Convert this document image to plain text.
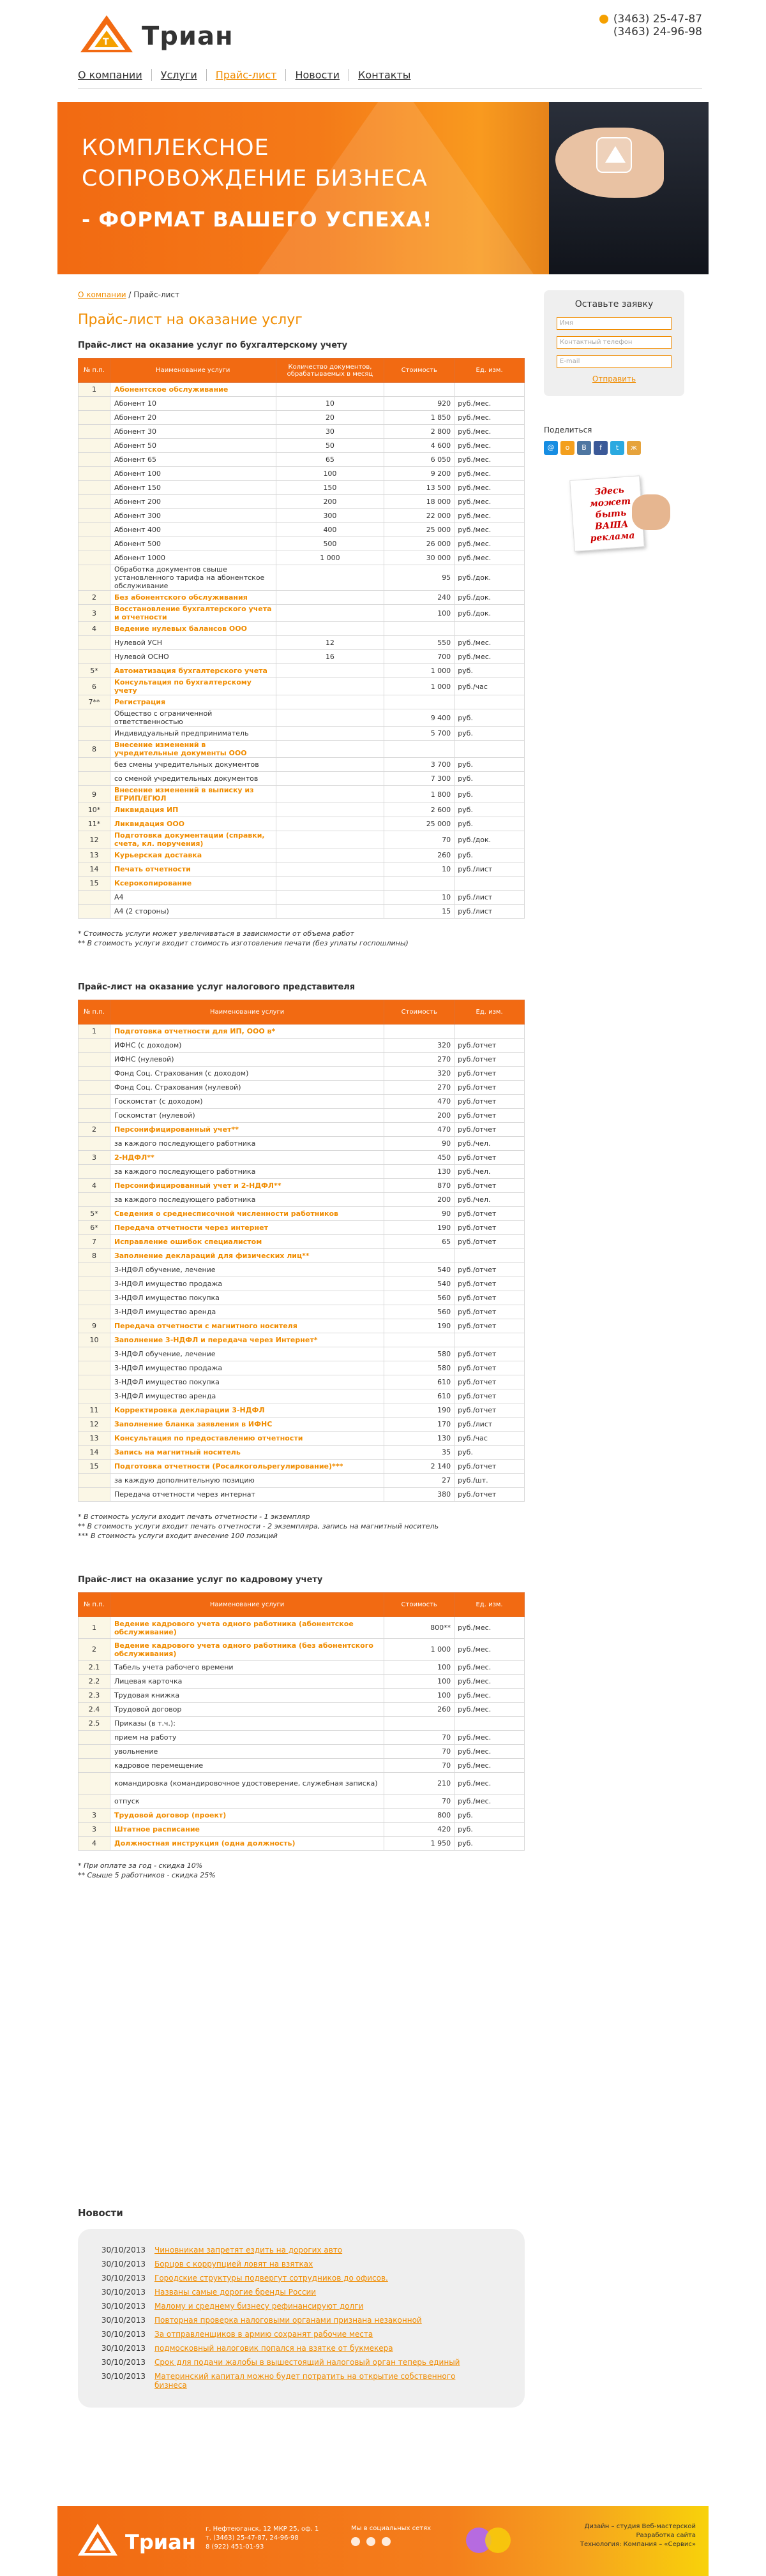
Т Триан
(3463) 25-47-87
(3463) 24-96-98
О компании	Услуги	Прайс-лист	Новости	Контакты
КОМПЛЕКСНОЕ
СОПРОВОЖДЕНИЕ БИЗНЕСА
- ФОРМАТ ВАШЕГО УСПЕХА!
О компании / Прайс-лист
Прайс-лист на оказание услуг
Прайс-лист на оказание услуг по бухгалтерскому учету
№ п.п.	Наименование услуги	Количество документов, обрабатываемых в месяц	Стоимость	Ед. изм.
1	Абонентское обслуживание			
	Абонент 10	10	920	руб./мес.
	Абонент 20	20	1 850	руб./мес.
	Абонент 30	30	2 800	руб./мес.
	Абонент 50	50	4 600	руб./мес.
	Абонент 65	65	6 050	руб./мес.
	Абонент 100	100	9 200	руб./мес.
	Абонент 150	150	13 500	руб./мес.
	Абонент 200	200	18 000	руб./мес.
	Абонент 300	300	22 000	руб./мес.
	Абонент 400	400	25 000	руб./мес.
	Абонент 500	500	26 000	руб./мес.
	Абонент 1000	1 000	30 000	руб./мес.
	Обработка документов свыше установленного тарифа на абонентское обслуживание		95	руб./док.
2	Без абонентского обслуживания		240	руб./док.
3	Восстановление бухгалтерского учета и отчетности		100	руб./док.
4	Ведение нулевых балансов ООО			
	Нулевой УСН	12	550	руб./мес.
	Нулевой ОСНО	16	700	руб./мес.
5*	Автоматизация бухгалтерского учета		1 000	руб.
6	Консультация по бухгалтерскому учету		1 000	руб./час
7**	Регистрация			
	Общество с ограниченной ответственностью		9 400	руб.
	Индивидуальный предприниматель		5 700	руб.
8	Внесение изменений в учредительные документы ООО			
	без смены учредительных документов		3 700	руб.
	со сменой учредительных документов		7 300	руб.
9	Внесение изменений в выписку из ЕГРИП/ЕГЮЛ		1 800	руб.
10*	Ликвидация ИП		2 600	руб.
11*	Ликвидация ООО		25 000	руб.
12	Подготовка документации (справки, счета, кл. поручения)		70	руб./док.
13	Курьерская доставка		260	руб.
14	Печать отчетности		10	руб./лист
15	Ксерокопирование			
	А4		10	руб./лист
	А4 (2 стороны)		15	руб./лист
* Стоимость услуги может увеличиваться в зависимости от объема работ
** В стоимость услуги входит стоимость изготовления печати (без уплаты госпошлины)
Прайс-лист на оказание услуг налогового представителя
№ п.п.	Наименование услуги	Стоимость	Ед. изм.
1	Подготовка отчетности для ИП, ООО в*		
	ИФНС (с доходом)	320	руб./отчет
	ИФНС (нулевой)	270	руб./отчет
	Фонд Соц. Страхования (с доходом)	320	руб./отчет
	Фонд Соц. Страхования (нулевой)	270	руб./отчет
	Госкомстат (с доходом)	470	руб./отчет
	Госкомстат (нулевой)	200	руб./отчет
2	Персонифицированный учет**	470	руб./отчет
	за каждого последующего работника	90	руб./чел.
3	2-НДФЛ**	450	руб./отчет
	за каждого последующего работника	130	руб./чел.
4	Персонифицированный учет и 2-НДФЛ**	870	руб./отчет
	за каждого последующего работника	200	руб./чел.
5*	Сведения о среднесписочной численности работников	90	руб./отчет
6*	Передача отчетности через интернет	190	руб./отчет
7	Исправление ошибок специалистом	65	руб./отчет
8	Заполнение деклараций для физических лиц**		
	3-НДФЛ обучение, лечение	540	руб./отчет
	3-НДФЛ имущество продажа	540	руб./отчет
	3-НДФЛ имущество покупка	560	руб./отчет
	3-НДФЛ имущество аренда	560	руб./отчет
9	Передача отчетности с магнитного носителя	190	руб./отчет
10	Заполнение 3-НДФЛ и передача через Интернет*		
	3-НДФЛ обучение, лечение	580	руб./отчет
	3-НДФЛ имущество продажа	580	руб./отчет
	3-НДФЛ имущество покупка	610	руб./отчет
	3-НДФЛ имущество аренда	610	руб./отчет
11	Корректировка декларации 3-НДФЛ	190	руб./отчет
12	Заполнение бланка заявления в ИФНС	170	руб./лист
13	Консультация по предоставлению отчетности	130	руб./час
14	Запись на магнитный носитель	35	руб.
15	Подготовка отчетности (Росалкогольрегулирование)***	2 140	руб./отчет
	за каждую дополнительную позицию	27	руб./шт.
	Передача отчетности через интернат	380	руб./отчет
* В стоимость услуги входит печать отчетности - 1 экземпляр
** В стоимость услуги входит печать отчетности - 2 экземпляра, запись на магнитный носитель
*** В стоимость услуги входит внесение 100 позиций
Прайс-лист на оказание услуг по кадровому учету
№ п.п.	Наименование услуги	Стоимость	Ед. изм.
1	Ведение кадрового учета одного работника (абонентское обслуживание)	800**	руб./мес.
2	Ведение кадрового учета одного работника (без абонентского обслуживания)	1 000	руб./мес.
2.1	Табель учета рабочего времени	100	руб./мес.
2.2	Лицевая карточка	100	руб./мес.
2.3	Трудовая книжка	100	руб./мес.
2.4	Трудовой договор	260	руб./мес.
2.5	Приказы (в т.ч.):		
	прием на работу	70	руб./мес.
	увольнение	70	руб./мес.
	кадровое перемещение	70	руб./мес.
	командировка (командировочное удостоверение, служебная записка)	210	руб./мес.
	отпуск	70	руб./мес.
3	Трудовой договор (проект)	800	руб.
3	Штатное расписание	420	руб.
4	Должностная инструкция (одна должность)	1 950	руб.
* При оплате за год - скидка 10%
** Свыше 5 работников - скидка 25%
Новости
30/10/2013	Чиновникам запретят ездить на дорогих авто
30/10/2013	Борцов с коррупцией ловят на взятках
30/10/2013	Городские структуры подвергут сотрудников до офисов.
30/10/2013	Названы самые дорогие бренды России
30/10/2013	Малому и среднему бизнесу рефинансируют долги
30/10/2013	Повторная проверка налоговыми органами признана незаконной
30/10/2013	За отправленщиков в армию сохранят рабочие места
30/10/2013	подмосковный налоговик попался на взятке от букмекера
30/10/2013	Срок для подачи жалобы в вышестоящий налоговый орган теперь единый
30/10/2013	Материнский капитал можно будет потратить на открытие собственного бизнеса
Оставьте заявку
Имя
Контактный телефон
Е-mail
Отправить
Поделиться
@	о	В	f	t	ж
Здесь может быть ВАША реклама
Триан
г. Нефтеюганск, 12 МКР 25, оф. 1
т. (3463) 25-47-87, 24-96-98
8 (922) 451-01-93
Мы в социальных сетях	Дизайн – студия Веб-мастерской
Разработка сайта
Технология: Компания – «Сервис»
